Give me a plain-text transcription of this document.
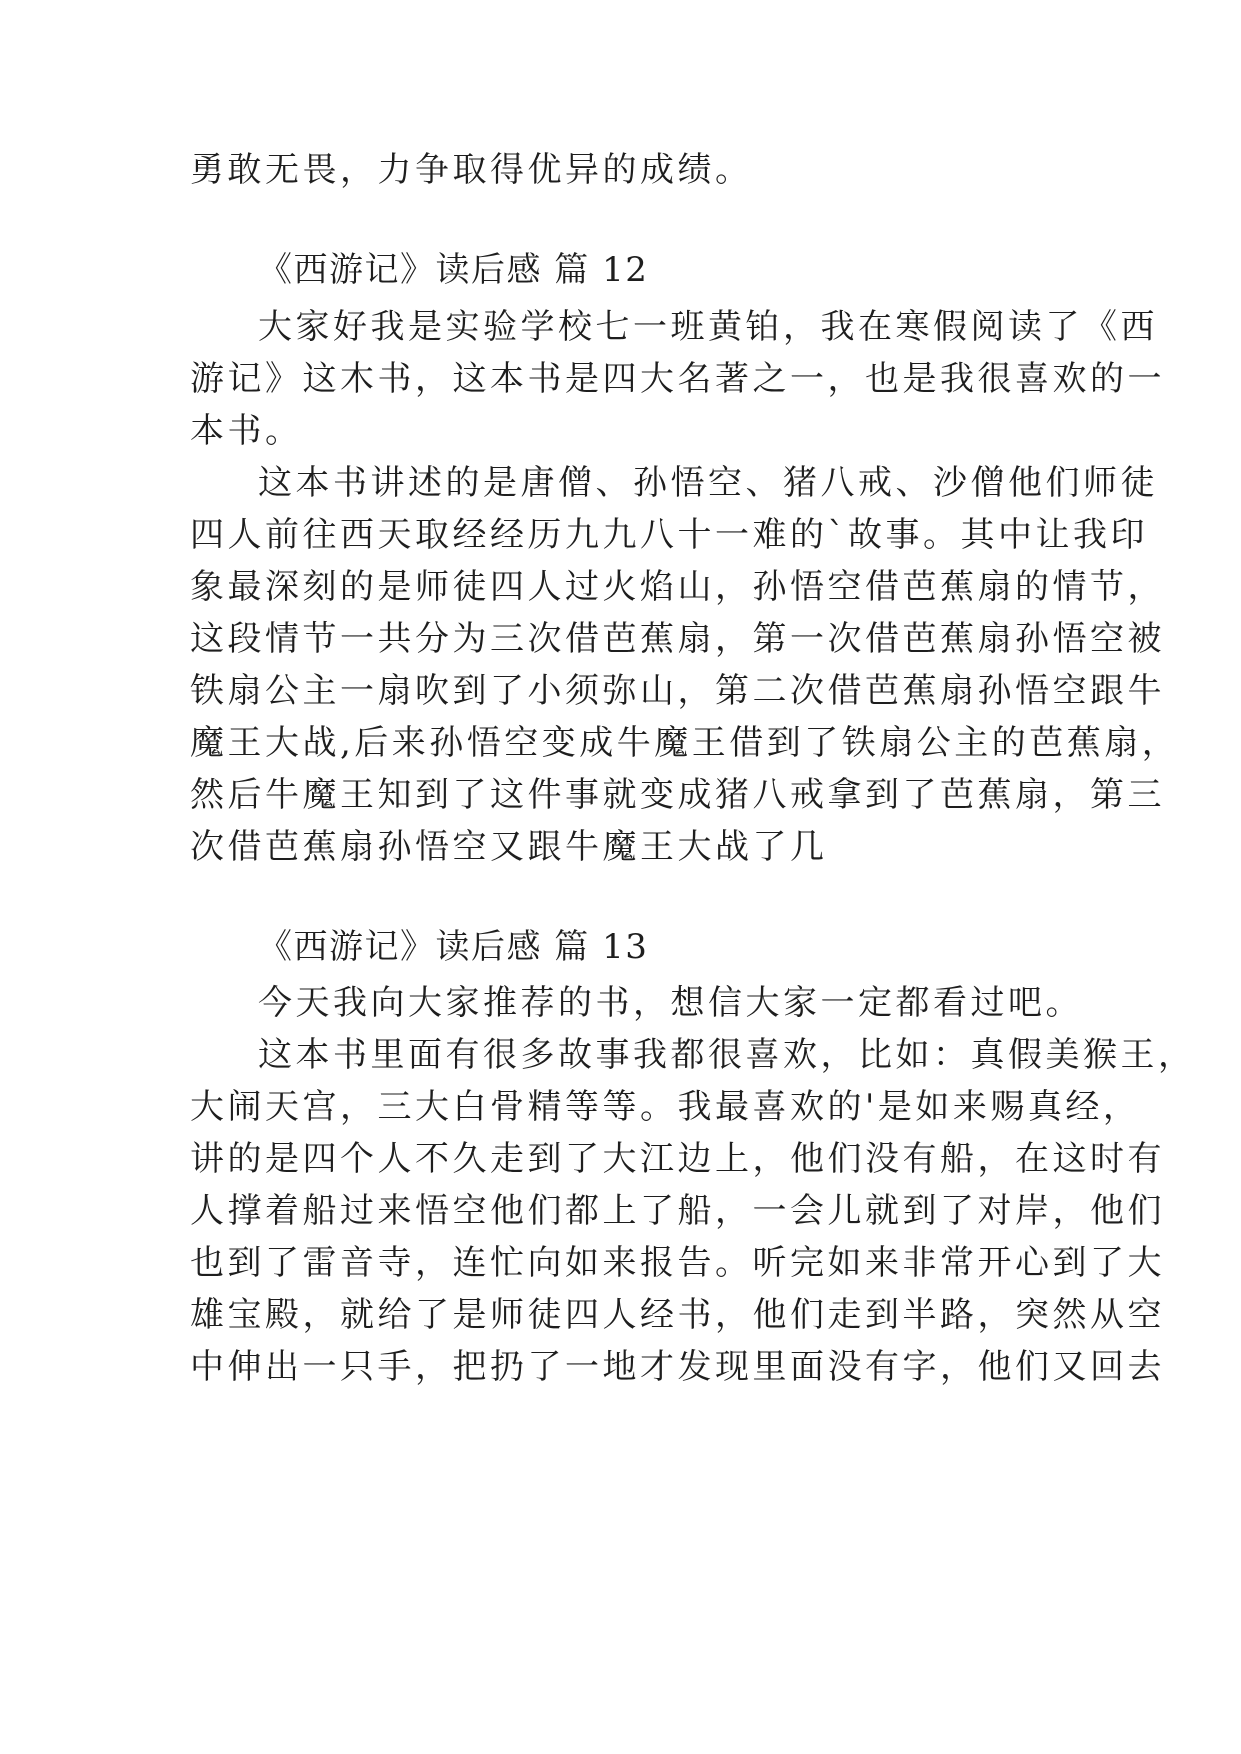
勇敢无畏，力争取得优异的成绩。
《西游记》读后感 篇 12
大家好我是实验学校七一班黄铂，我在寒假阅读了《西
游记》这木书，这本书是四大名著之一，也是我很喜欢的一
本书。
这本书讲述的是唐僧、孙悟空、猪八戒、沙僧他们师徒
四人前往西天取经经历九九八十一难的`故事。其中让我印
象最深刻的是师徒四人过火焰山，孙悟空借芭蕉扇的情节，
这段情节一共分为三次借芭蕉扇，第一次借芭蕉扇孙悟空被
铁扇公主一扇吹到了小须弥山，第二次借芭蕉扇孙悟空跟牛
魔王大战,后来孙悟空变成牛魔王借到了铁扇公主的芭蕉扇，
然后牛魔王知到了这件事就变成猪八戒拿到了芭蕉扇，第三
次借芭蕉扇孙悟空又跟牛魔王大战了几
《西游记》读后感 篇 13
今天我向大家推荐的书，想信大家一定都看过吧。
这本书里面有很多故事我都很喜欢，比如：真假美猴王，
大闹天宫，三大白骨精等等。我最喜欢的'是如来赐真经，
讲的是四个人不久走到了大江边上，他们没有船，在这时有
人撑着船过来悟空他们都上了船，一会儿就到了对岸，他们
也到了雷音寺，连忙向如来报告。听完如来非常开心到了大
雄宝殿，就给了是师徒四人经书，他们走到半路，突然从空
中伸出一只手，把扔了一地才发现里面没有字，他们又回去
